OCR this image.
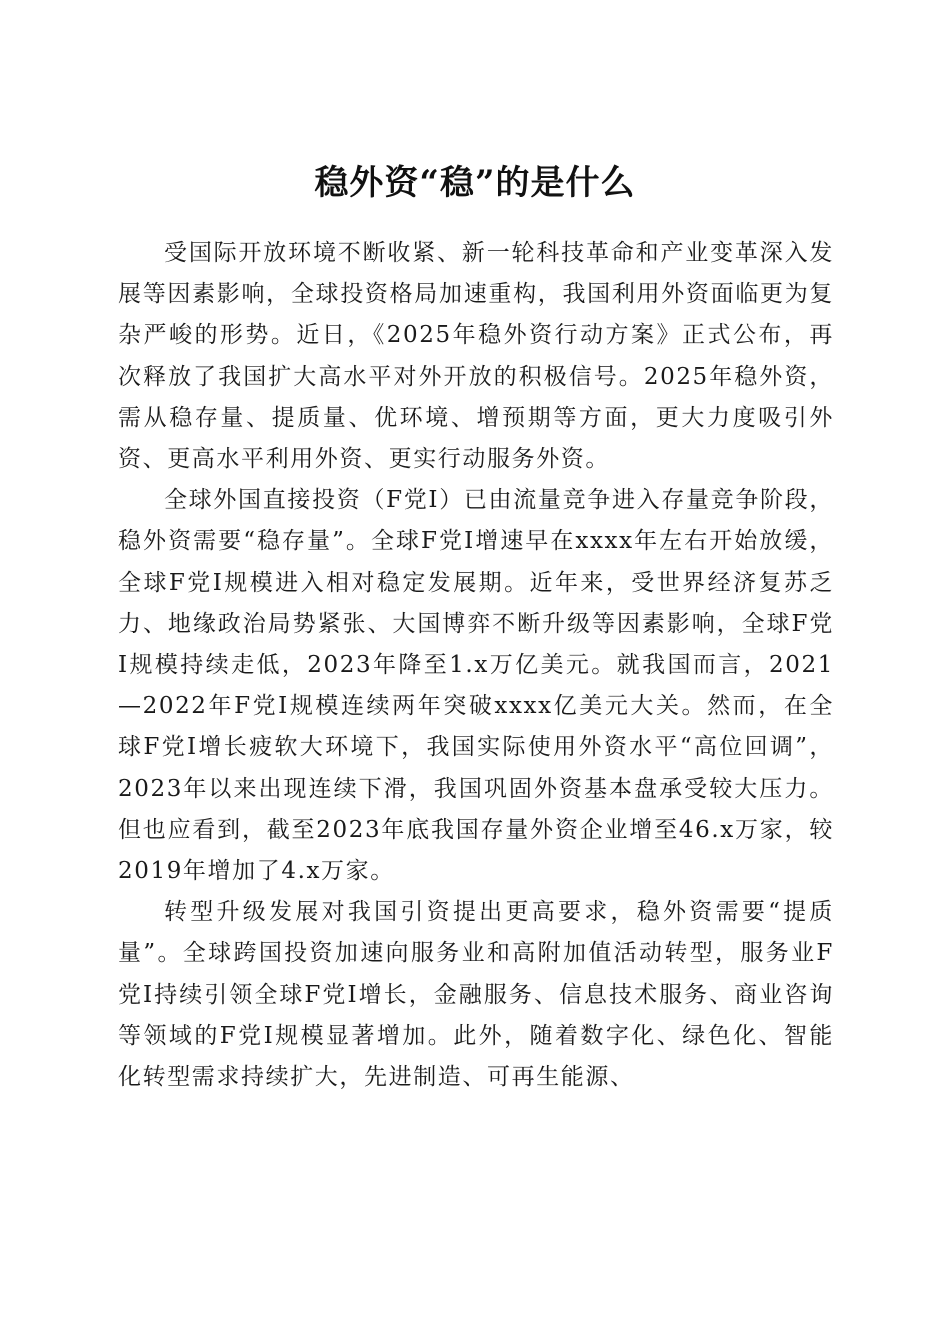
稳外资“稳”的是什么

受国际开放环境不断收紧、新一轮科技革命和产业变革深入发展等因素影响，全球投资格局加速重构，我国利用外资面临更为复杂严峻的形势。近日，《2025年稳外资行动方案》正式公布，再次释放了我国扩大高水平对外开放的积极信号。2025年稳外资，需从稳存量、提质量、优环境、增预期等方面，更大力度吸引外资、更高水平利用外资、更实行动服务外资。

全球外国直接投资（F党I）已由流量竞争进入存量竞争阶段，稳外资需要“稳存量”。全球F党I增速早在xxxx年左右开始放缓，全球F党I规模进入相对稳定发展期。近年来，受世界经济复苏乏力、地缘政治局势紧张、大国博弈不断升级等因素影响，全球F党I规模持续走低，2023年降至1.x万亿美元。就我国而言，2021—2022年F党I规模连续两年突破xxxx亿美元大关。然而，在全球F党I增长疲软大环境下，我国实际使用外资水平“高位回调”，2023年以来出现连续下滑，我国巩固外资基本盘承受较大压力。但也应看到，截至2023年底我国存量外资企业增至46.x万家，较2019年增加了4.x万家。

转型升级发展对我国引资提出更高要求，稳外资需要“提质量”。全球跨国投资加速向服务业和高附加值活动转型，服务业F党I持续引领全球F党I增长，金融服务、信息技术服务、商业咨询等领域的F党I规模显著增加。此外，随着数字化、绿色化、智能化转型需求持续扩大，先进制造、可再生能源、
